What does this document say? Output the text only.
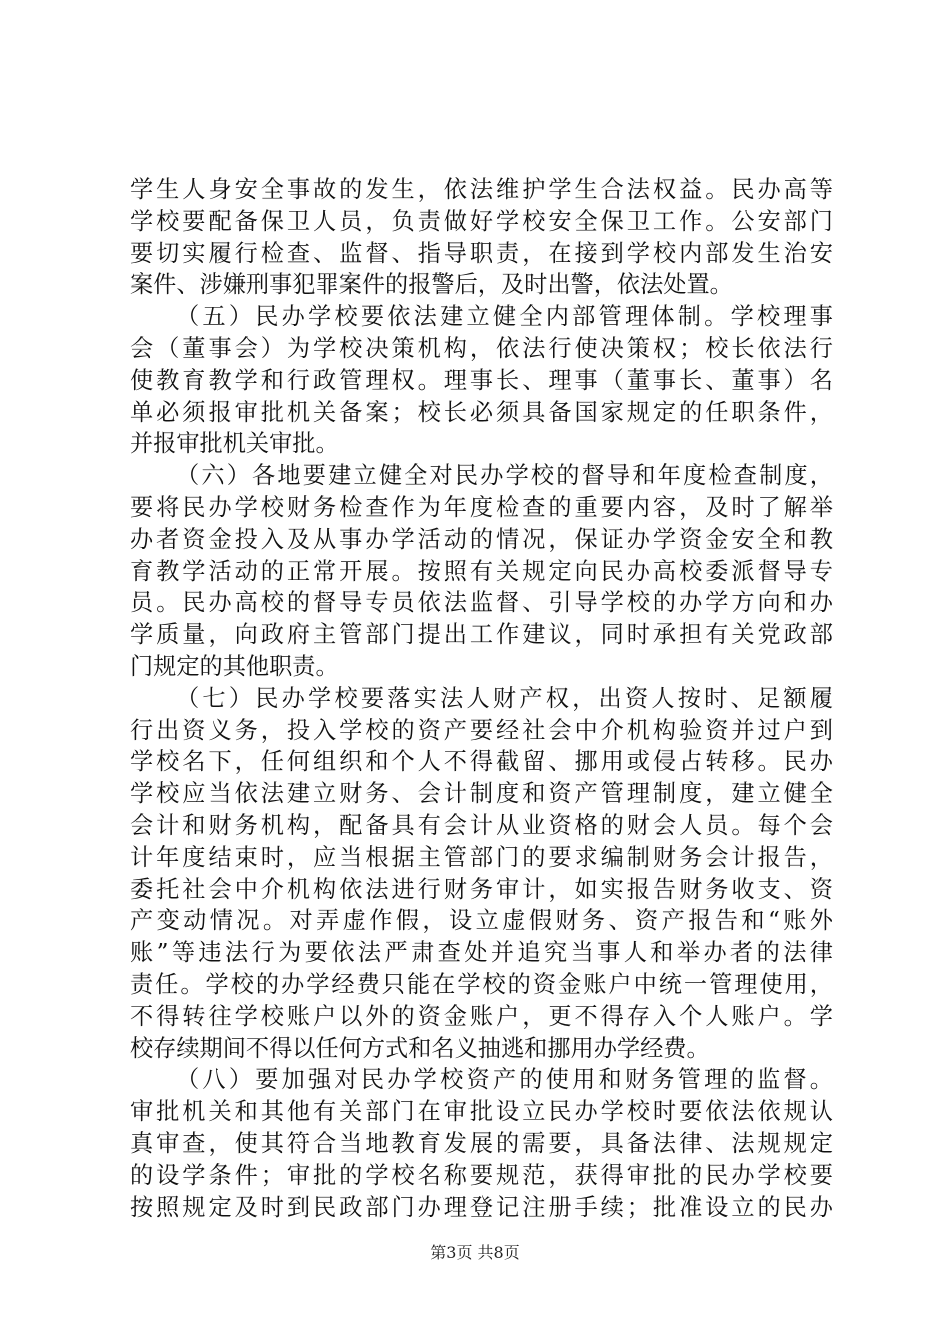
学生人身安全事故的发生，依法维护学生合法权益。民办高等
学校要配备保卫人员，负责做好学校安全保卫工作。公安部门
要切实履行检查、监督、指导职责，在接到学校内部发生治安
案件、涉嫌刑事犯罪案件的报警后，及时出警，依法处置。
（五）民办学校要依法建立健全内部管理体制。学校理事
会（董事会）为学校决策机构，依法行使决策权；校长依法行
使教育教学和行政管理权。理事长、理事（董事长、董事）名
单必须报审批机关备案；校长必须具备国家规定的任职条件，
并报审批机关审批。
（六）各地要建立健全对民办学校的督导和年度检查制度，
要将民办学校财务检查作为年度检查的重要内容，及时了解举
办者资金投入及从事办学活动的情况，保证办学资金安全和教
育教学活动的正常开展。按照有关规定向民办高校委派督导专
员。民办高校的督导专员依法监督、引导学校的办学方向和办
学质量，向政府主管部门提出工作建议，同时承担有关党政部
门规定的其他职责。
（七）民办学校要落实法人财产权，出资人按时、足额履
行出资义务，投入学校的资产要经社会中介机构验资并过户到
学校名下，任何组织和个人不得截留、挪用或侵占转移。民办
学校应当依法建立财务、会计制度和资产管理制度，建立健全
会计和财务机构，配备具有会计从业资格的财会人员。每个会
计年度结束时，应当根据主管部门的要求编制财务会计报告，
委托社会中介机构依法进行财务审计，如实报告财务收支、资
产变动情况。对弄虚作假，设立虚假财务、资产报告和“账外
账”等违法行为要依法严肃查处并追究当事人和举办者的法律
责任。学校的办学经费只能在学校的资金账户中统一管理使用，
不得转往学校账户以外的资金账户，更不得存入个人账户。学
校存续期间不得以任何方式和名义抽逃和挪用办学经费。
（八）要加强对民办学校资产的使用和财务管理的监督。
审批机关和其他有关部门在审批设立民办学校时要依法依规认
真审查，使其符合当地教育发展的需要，具备法律、法规规定
的设学条件；审批的学校名称要规范，获得审批的民办学校要
按照规定及时到民政部门办理登记注册手续；批准设立的民办
第3页 共8页
